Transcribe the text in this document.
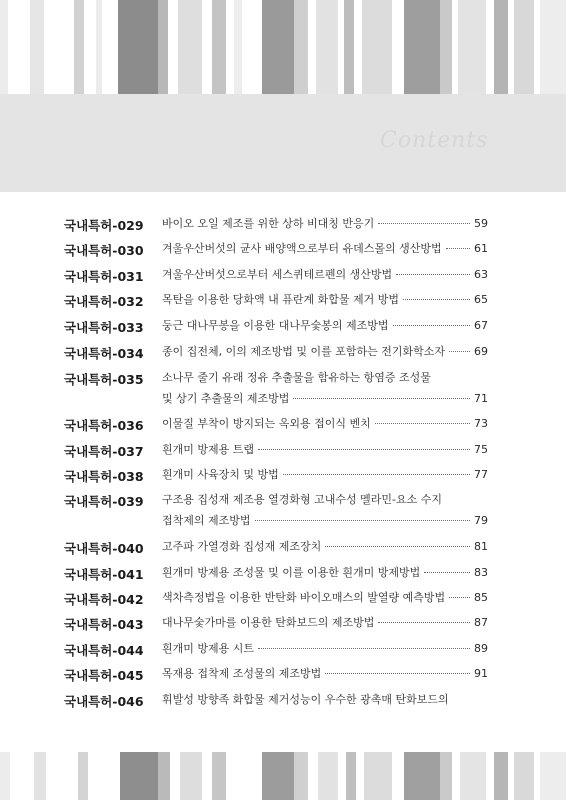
Contents
국내특허-029 바이오 오일 제조를 위한 상하 비대칭 반응기	59
국내특허-030 겨울우산버섯의 균사 배양액으로부터 유데스몰의 생산방법	61
국내특허-031 겨울우산버섯으로부터 세스퀴테르펜의 생산방법	63
국내특허-032 목탄을 이용한 당화액 내 퓨란계 화합물 제거 방법	65
국내특허-033 둥근 대나무봉을 이용한 대나무숯봉의 제조방법	67
국내특허-034 종이 집전체, 이의 제조방법 및 이를 포함하는 전기화학소자	69
국내특허-035 소나무 줄기 유래 정유 추출물을 함유하는 항염증 조성물
및 상기 추출물의 제조방법	71
국내특허-036 이물질 부착이 방지되는 옥외용 접이식 벤치	73
국내특허-037 흰개미 방제용 트랩	75
국내특허-038 흰개미 사육장치 및 방법	77
국내특허-039 구조용 집성재 제조용 열경화형 고내수성 멜라민-요소 수지
접착제의 제조방법	79
국내특허-040 고주파 가열경화 집성재 제조장치	81
국내특허-041 흰개미 방제용 조성물 및 이를 이용한 흰개미 방제방법	83
국내특허-042 색차측정법을 이용한 반탄화 바이오매스의 발열량 예측방법	85
국내특허-043 대나무숯가마를 이용한 탄화보드의 제조방법	87
국내특허-044 흰개미 방제용 시트	89
국내특허-045 목재용 접착제 조성물의 제조방법	91
국내특허-046 휘발성 방향족 화합물 제거성능이 우수한 광촉매 탄화보드의
